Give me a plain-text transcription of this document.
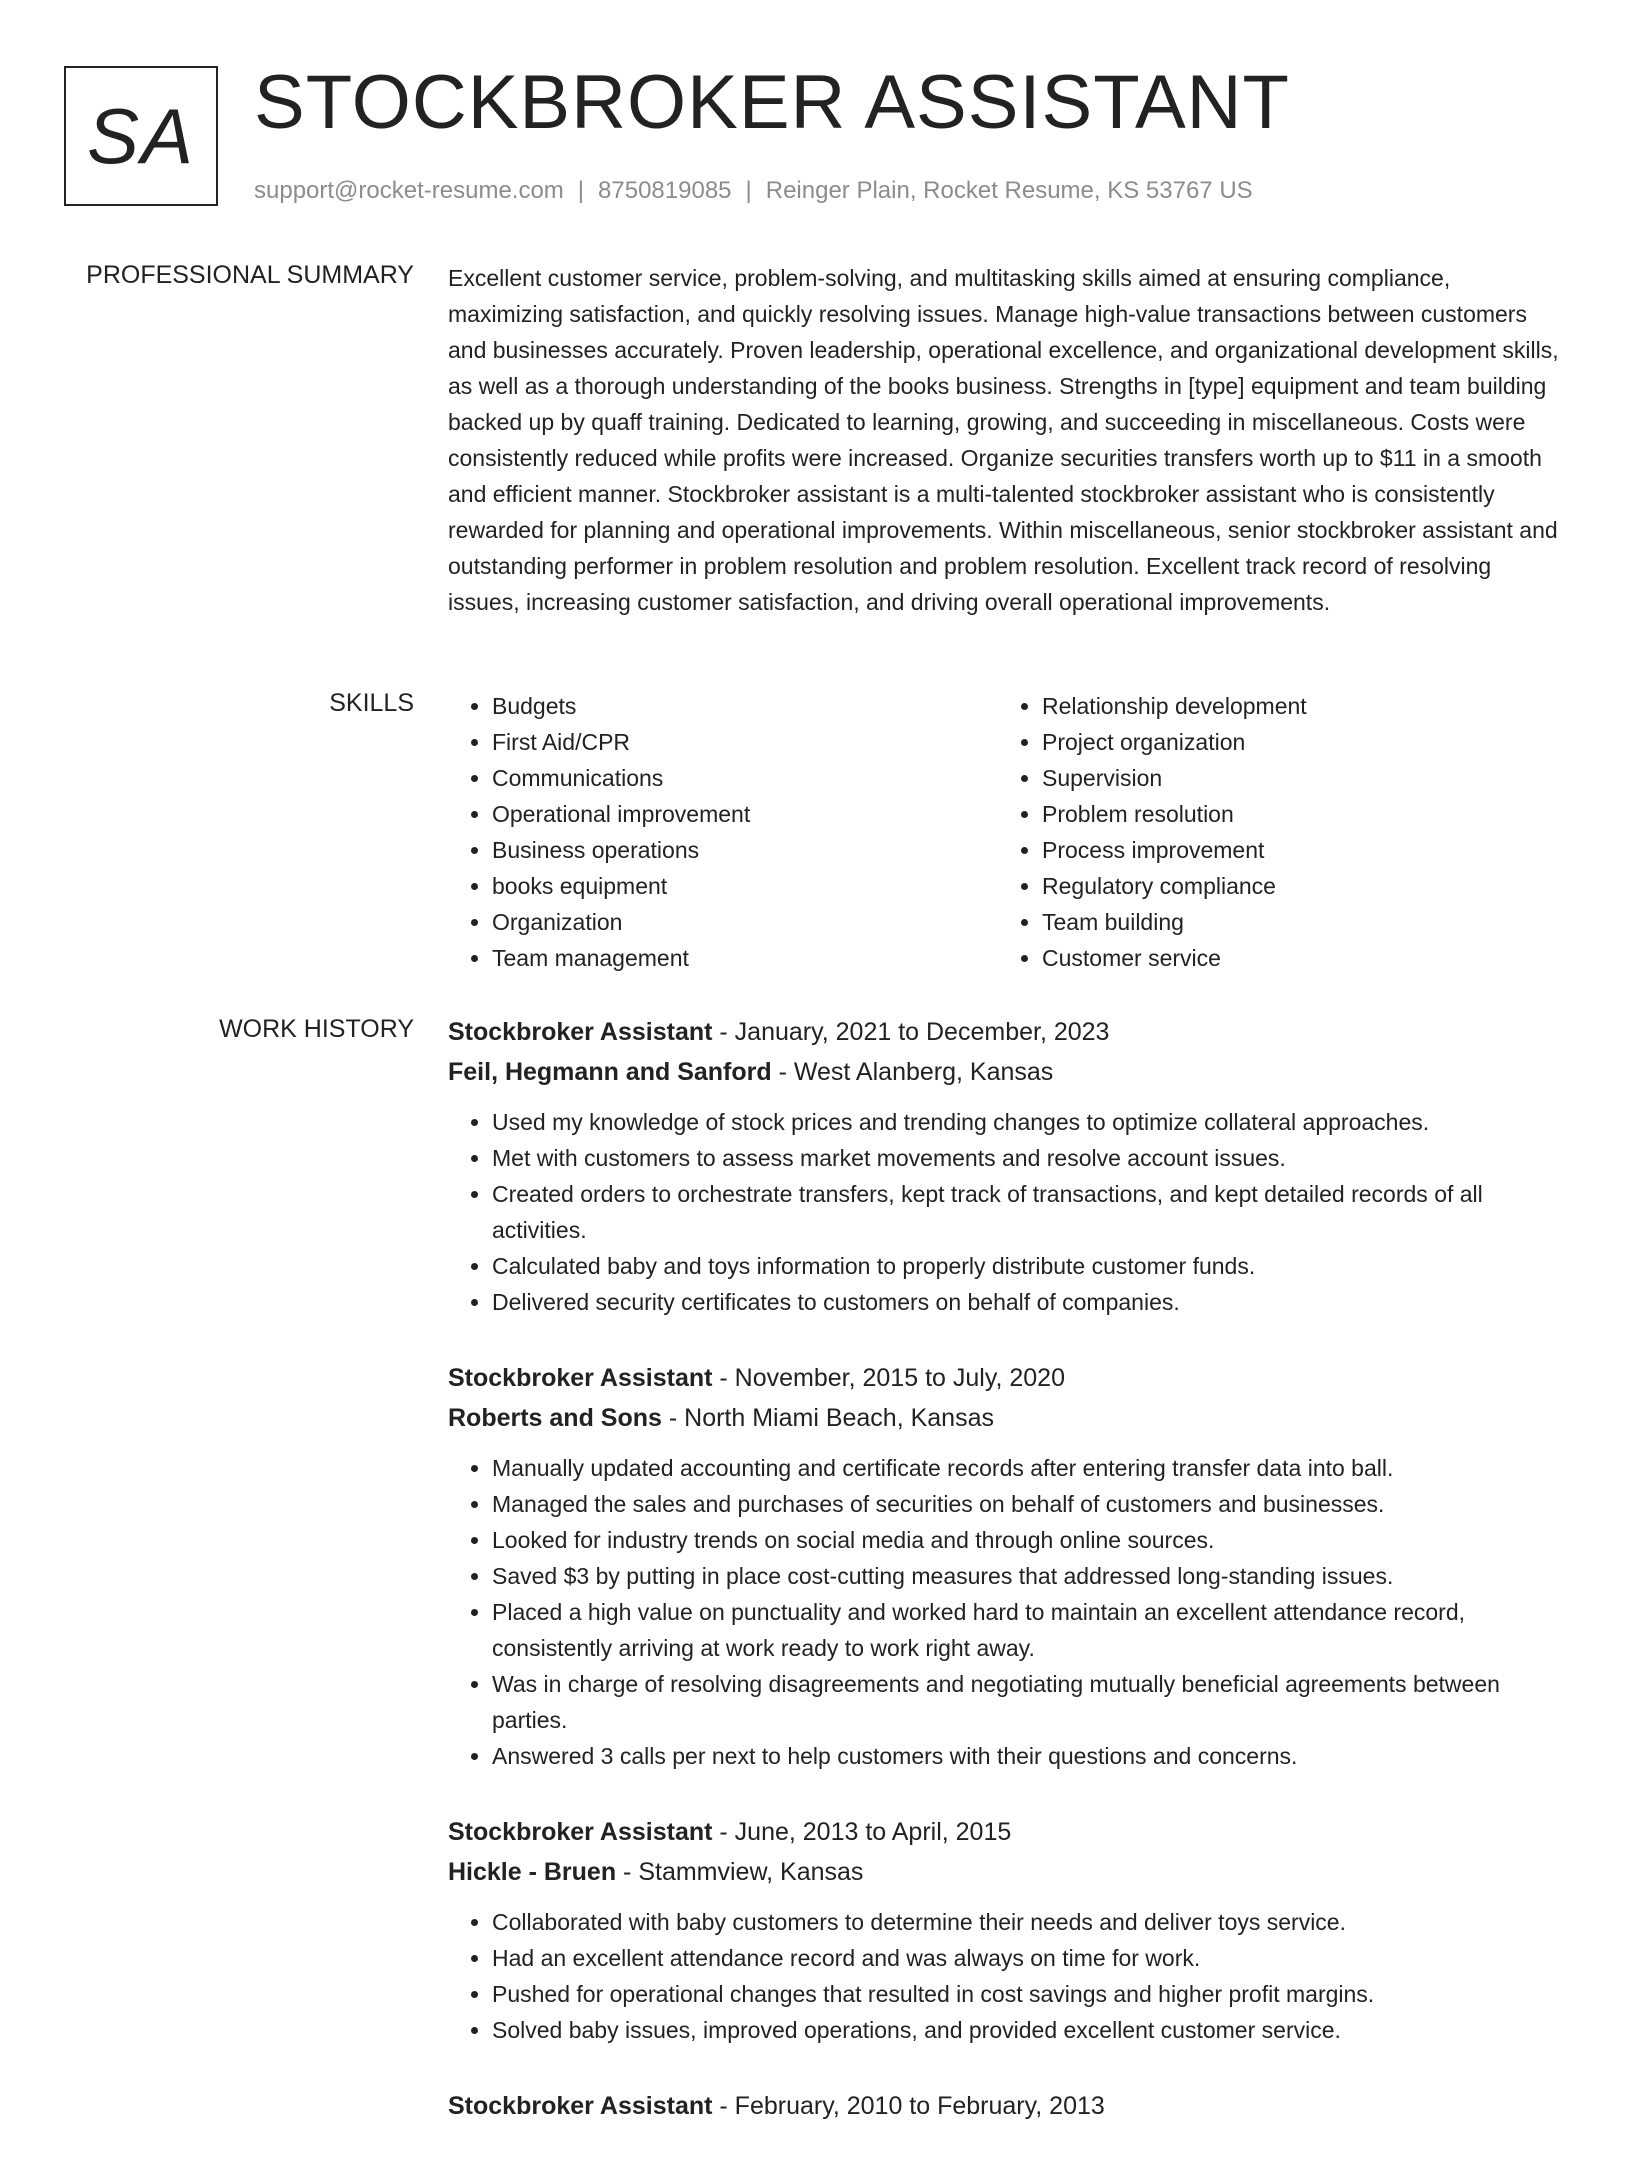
SA STOCKBROKER ASSISTANT
support@rocket-resume.com | 8750819085 | Reinger Plain, Rocket Resume, KS 53767 US
PROFESSIONAL SUMMARY Excellent customer service, problem-solving, and multitasking skills aimed at ensuring compliance, maximizing satisfaction, and quickly resolving issues. Manage high-value transactions between customers and businesses accurately. Proven leadership, operational excellence, and organizational development skills, as well as a thorough understanding of the books business. Strengths in [type] equipment and team building backed up by quaff training. Dedicated to learning, growing, and succeeding in miscellaneous. Costs were consistently reduced while profits were increased. Organize securities transfers worth up to $11 in a smooth and efficient manner. Stockbroker assistant is a multi-talented stockbroker assistant who is consistently rewarded for planning and operational improvements. Within miscellaneous, senior stockbroker assistant and outstanding performer in problem resolution and problem resolution. Excellent track record of resolving issues, increasing customer satisfaction, and driving overall operational improvements.

SKILLS
•	Budgets
• First Aid/CPR
• Communications
• Operational improvement
• Business operations
• books equipment
• Organization
• Team management
• Relationship development
• Project organization
• Supervision
• Problem resolution
• Process improvement
• Regulatory compliance
• Team building
• Customer service
WORK HISTORY Stockbroker Assistant - January, 2021 to December, 2023
Feil, Hegmann and Sanford - West Alanberg, Kansas
• Used my knowledge of stock prices and trending changes to optimize collateral approaches.
• Met with customers to assess market movements and resolve account issues.
• Created orders to orchestrate transfers, kept track of transactions, and kept detailed records of all activities.
• Calculated baby and toys information to properly distribute customer funds.
• Delivered security certificates to customers on behalf of companies.
Stockbroker Assistant - November, 2015 to July, 2020
Roberts and Sons - North Miami Beach, Kansas
• Manually updated accounting and certificate records after entering transfer data into ball.
• Managed the sales and purchases of securities on behalf of customers and businesses.
• Looked for industry trends on social media and through online sources.
• Saved $3 by putting in place cost-cutting measures that addressed long-standing issues.
• Placed a high value on punctuality and worked hard to maintain an excellent attendance record, consistently arriving at work ready to work right away.
• Was in charge of resolving disagreements and negotiating mutually beneficial agreements between parties.
• Answered 3 calls per next to help customers with their questions and concerns.
Stockbroker Assistant - June, 2013 to April, 2015
Hickle - Bruen - Stammview, Kansas
• Collaborated with baby customers to determine their needs and deliver toys service.
• Had an excellent attendance record and was always on time for work.
• Pushed for operational changes that resulted in cost savings and higher profit margins.
• Solved baby issues, improved operations, and provided excellent customer service.
Stockbroker Assistant - February, 2010 to February, 2013
